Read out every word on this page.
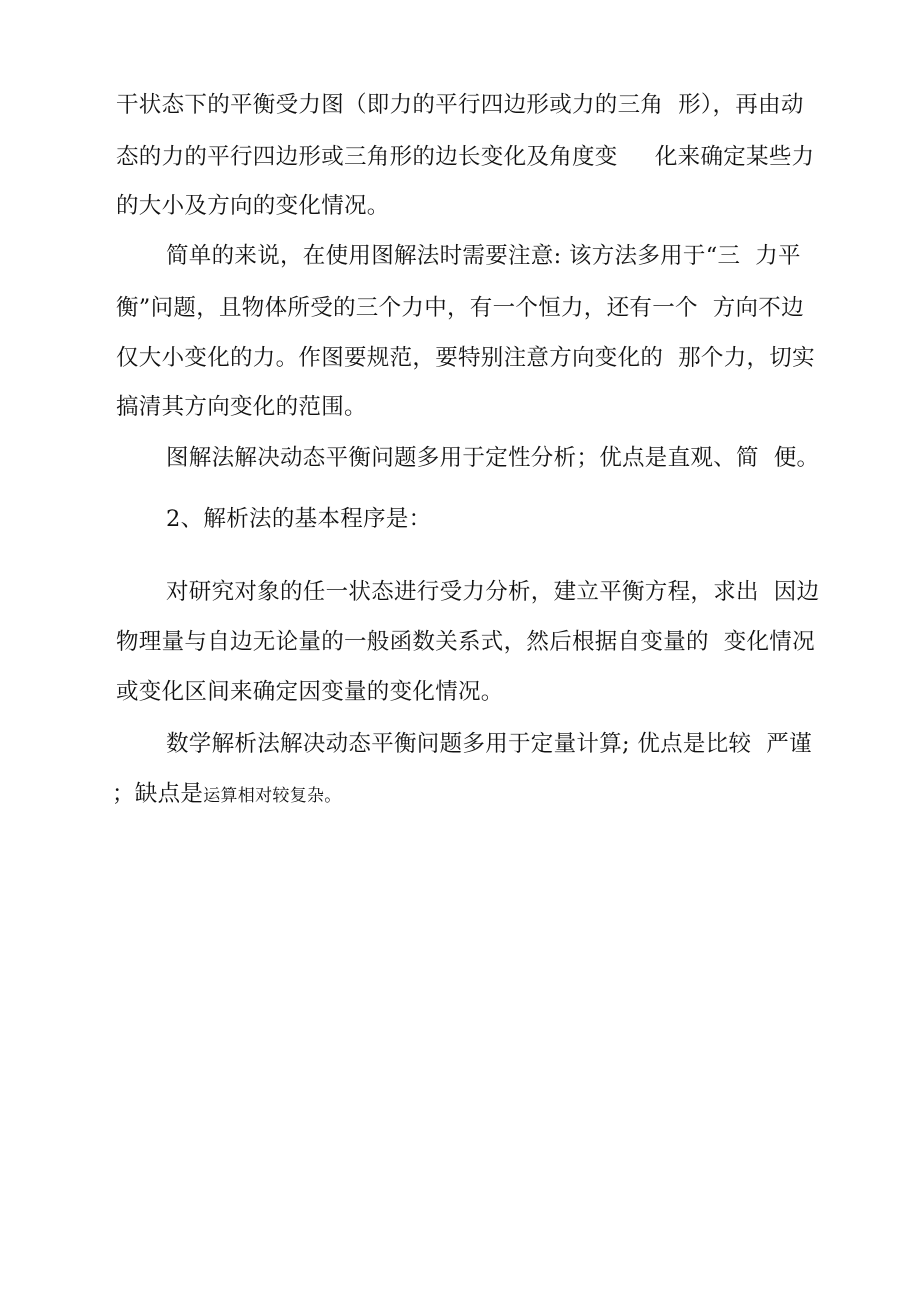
干状态下的平衡受力图（即力的平行四边形或力的三角  形），再由动
态的力的平行四边形或三角形的边长变化及角度变     化来确定某些力
的大小及方向的变化情况。
简单的来说，在使用图解法时需要注意: 该方法多用于“三  力平
衡”问题，且物体所受的三个力中，有一个恒力，还有一个  方向不边
仅大小变化的力。作图要规范，要特别注意方向变化的  那个力，切实
搞清其方向变化的范围。
图解法解决动态平衡问题多用于定性分析；优点是直观、简  便。
2、解析法的基本程序是：
对研究对象的任一状态进行受力分析，建立平衡方程，求出  因边
物理量与自边无论量的一般函数关系式，然后根据自变量的  变化情况
或变化区间来确定因变量的变化情况。
数学解析法解决动态平衡问题多用于定量计算; 优点是比较  严谨
；缺点是运算相对较复杂。
